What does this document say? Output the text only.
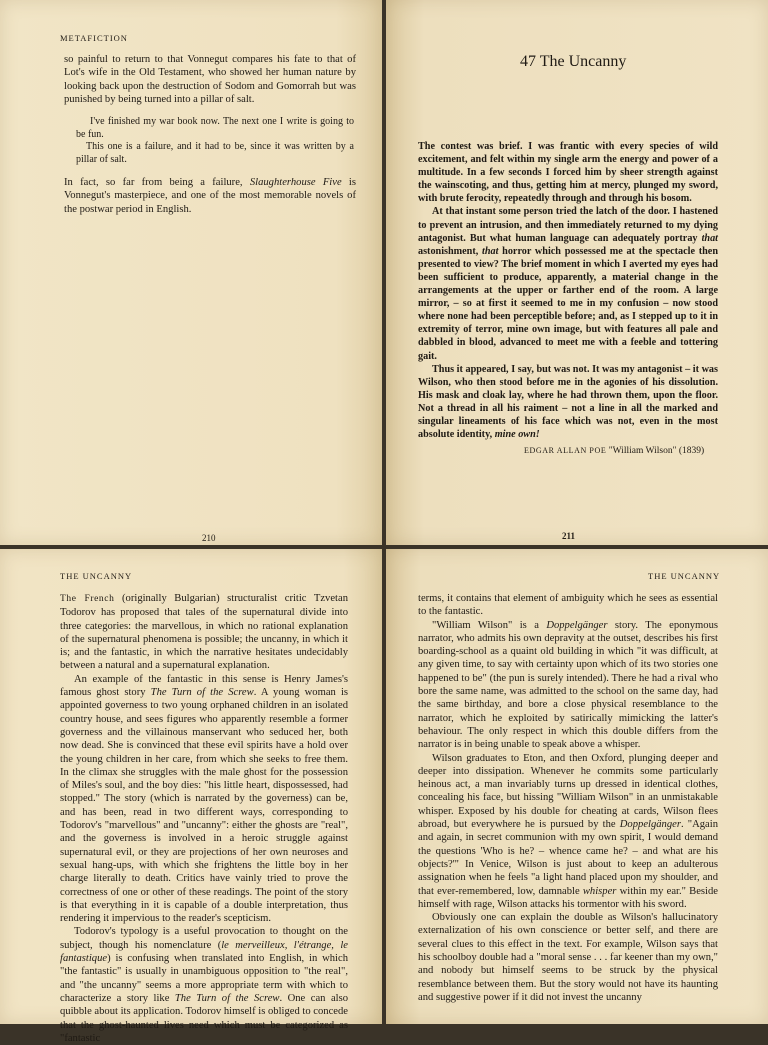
METAFICTION

so painful to return to that Vonnegut compares his fate to that of Lot's wife in the Old Testament, who showed her human nature by looking back upon the destruction of Sodom and Gomorrah but was punished by being turned into a pillar of salt.

I've finished my war book now. The next one I write is going to be fun.

This one is a failure, and it had to be, since it was written by a pillar of salt.

In fact, so far from being a failure, Slaughterhouse Five is Vonnegut's masterpiece, and one of the most memorable novels of the postwar period in English.

210
47 The Uncanny

The contest was brief. I was frantic with every species of wild excitement, and felt within my single arm the energy and power of a multitude. In a few seconds I forced him by sheer strength against the wainscoting, and thus, getting him at mercy, plunged my sword, with brute ferocity, repeatedly through and through his bosom.

At that instant some person tried the latch of the door. I hastened to prevent an intrusion, and then immediately returned to my dying antagonist. But what human language can adequately portray that astonishment, that horror which possessed me at the spectacle then presented to view? The brief moment in which I averted my eyes had been sufficient to produce, apparently, a material change in the arrangements at the upper or farther end of the room. A large mirror, – so at first it seemed to me in my confusion – now stood where none had been perceptible before; and, as I stepped up to it in extremity of terror, mine own image, but with features all pale and dabbled in blood, advanced to meet me with a feeble and tottering gait.

Thus it appeared, I say, but was not. It was my antagonist – it was Wilson, who then stood before me in the agonies of his dissolution. His mask and cloak lay, where he had thrown them, upon the floor. Not a thread in all his raiment – not a line in all the marked and singular lineaments of his face which was not, even in the most absolute identity, mine own!

EDGAR ALLAN POE "William Wilson" (1839)
211
THE UNCANNY

The French (originally Bulgarian) structuralist critic Tzvetan Todorov has proposed that tales of the supernatural divide into three categories: the marvellous, in which no rational explanation of the supernatural phenomena is possible; the uncanny, in which it is; and the fantastic, in which the narrative hesitates undecidably between a natural and a supernatural explanation.

An example of the fantastic in this sense is Henry James's famous ghost story The Turn of the Screw. A young woman is appointed governess to two young orphaned children in an isolated country house, and sees figures who apparently resemble a former governess and the villainous manservant who seduced her, both now dead. She is convinced that these evil spirits have a hold over the young children in her care, from which she seeks to free them. In the climax she struggles with the male ghost for the possession of Miles's soul, and the boy dies: "his little heart, dispossessed, had stopped." The story (which is narrated by the governess) can be, and has been, read in two different ways, corresponding to Todorov's "marvellous" and "uncanny": either the ghosts are "real", and the governess is involved in a heroic struggle against supernatural evil, or they are projections of her own neuroses and sexual hang-ups, with which she frightens the little boy in her charge literally to death. Critics have vainly tried to prove the correctness of one or other of these readings. The point of the story is that everything in it is capable of a double interpretation, thus rendering it impervious to the reader's scepticism.

Todorov's typology is a useful provocation to thought on the subject, though his nomenclature (le merveilleux, l'étrange, le fantastique) is confusing when translated into English, in which "the fantastic" is usually in unambiguous opposition to "the real", and "the uncanny" seems a more appropriate term with which to characterize a story like The Turn of the Screw. One can also quibble about its application. Todorov himself is obliged to concede that the ghost-haunted lives need which must be categorized as "fantastic

THE UNCANNY

terms, it contains that element of ambiguity which he sees as essential to the fantastic.

"William Wilson" is a Doppelgänger story. The eponymous narrator, who admits his own depravity at the outset, describes his first boarding-school as a quaint old building in which "it was difficult, at any given time, to say with certainty upon which of its two stories one happened to be" (the pun is surely intended). There he had a rival who bore the same name, was admitted to the school on the same day, had the same birthday, and bore a close physical resemblance to the narrator, which he exploited by satirically mimicking the latter's behaviour. The only respect in which this double differs from the narrator is in being unable to speak above a whisper.

Wilson graduates to Eton, and then Oxford, plunging deeper and deeper into dissipation. Whenever he commits some particularly heinous act, a man invariably turns up dressed in identical clothes, concealing his face, but hissing "William Wilson" in an unmistakable whisper. Exposed by his double for cheating at cards, Wilson flees abroad, but everywhere he is pursued by the Doppelgänger. "Again and again, in secret communion with my own spirit, I would demand the questions 'Who is he? – whence came he? – and what are his objects?'" In Venice, Wilson is just about to keep an adulterous assignation when he feels "a light hand placed upon my shoulder, and that ever-remembered, low, damnable whisper within my ear." Beside himself with rage, Wilson attacks his tormentor with his sword.

Obviously one can explain the double as Wilson's hallucinatory externalization of his own conscience or better self, and there are several clues to this effect in the text. For example, Wilson says that his schoolboy double had a "moral sense . . . far keener than my own," and nobody but himself seems to be struck by the physical resemblance between them. But the story would not have its haunting and suggestive power if it did not invest the uncanny
